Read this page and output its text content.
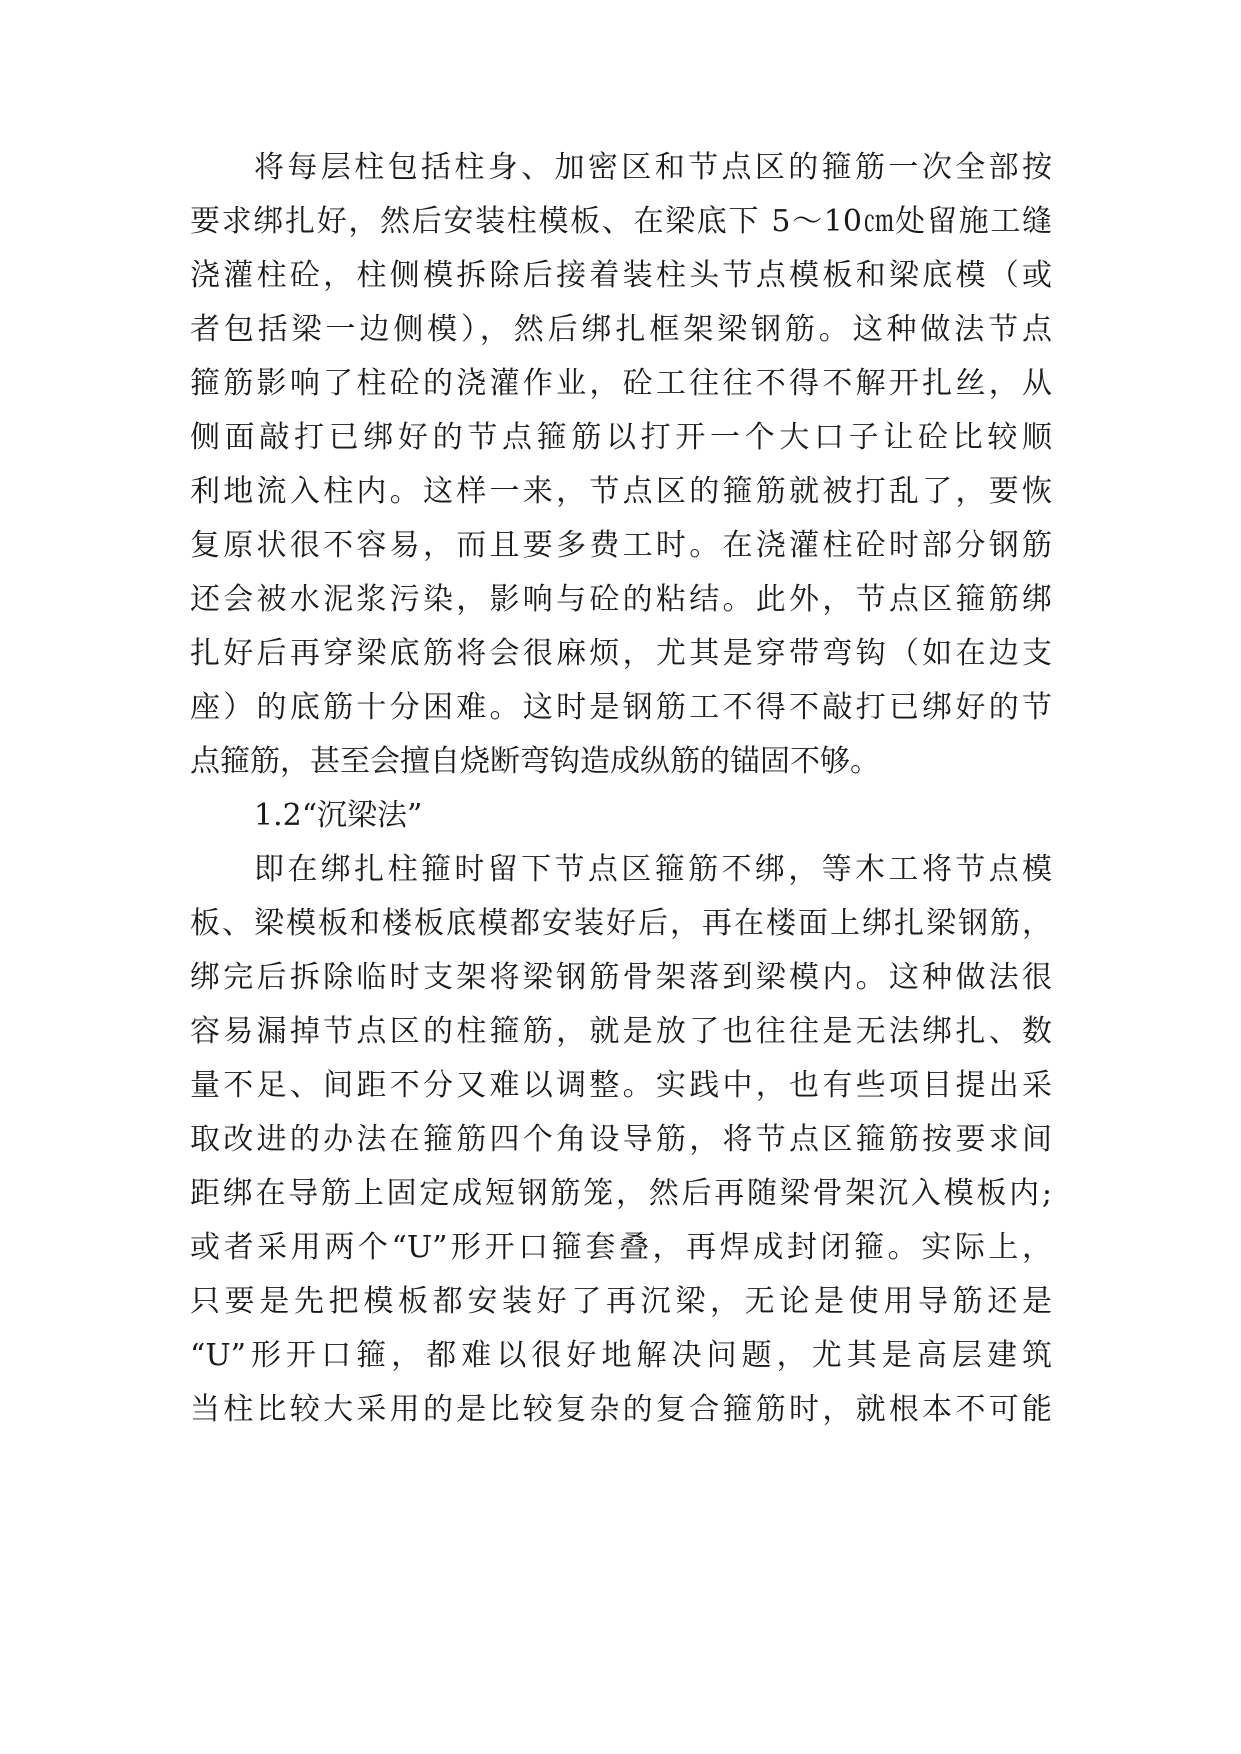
将每层柱包括柱身、加密区和节点区的箍筋一次全部按
要求绑扎好，然后安装柱模板、在梁底下 5～10㎝处留施工缝
浇灌柱砼，柱侧模拆除后接着装柱头节点模板和梁底模（或
者包括梁一边侧模），然后绑扎框架梁钢筋。这种做法节点
箍筋影响了柱砼的浇灌作业，砼工往往不得不解开扎丝，从
侧面敲打已绑好的节点箍筋以打开一个大口子让砼比较顺
利地流入柱内。这样一来，节点区的箍筋就被打乱了，要恢
复原状很不容易，而且要多费工时。在浇灌柱砼时部分钢筋
还会被水泥浆污染，影响与砼的粘结。此外，节点区箍筋绑
扎好后再穿梁底筋将会很麻烦，尤其是穿带弯钩（如在边支
座）的底筋十分困难。这时是钢筋工不得不敲打已绑好的节
点箍筋，甚至会擅自烧断弯钩造成纵筋的锚固不够。
1.2“沉梁法”
即在绑扎柱箍时留下节点区箍筋不绑，等木工将节点模
板、梁模板和楼板底模都安装好后，再在楼面上绑扎梁钢筋，
绑完后拆除临时支架将梁钢筋骨架落到梁模内。这种做法很
容易漏掉节点区的柱箍筋，就是放了也往往是无法绑扎、数
量不足、间距不分又难以调整。实践中，也有些项目提出采
取改进的办法在箍筋四个角设导筋，将节点区箍筋按要求间
距绑在导筋上固定成短钢筋笼，然后再随梁骨架沉入模板内;
或者采用两个“U”形开口箍套叠，再焊成封闭箍。实际上，
只要是先把模板都安装好了再沉梁，无论是使用导筋还是
“U”形开口箍，都难以很好地解决问题，尤其是高层建筑
当柱比较大采用的是比较复杂的复合箍筋时，就根本不可能
